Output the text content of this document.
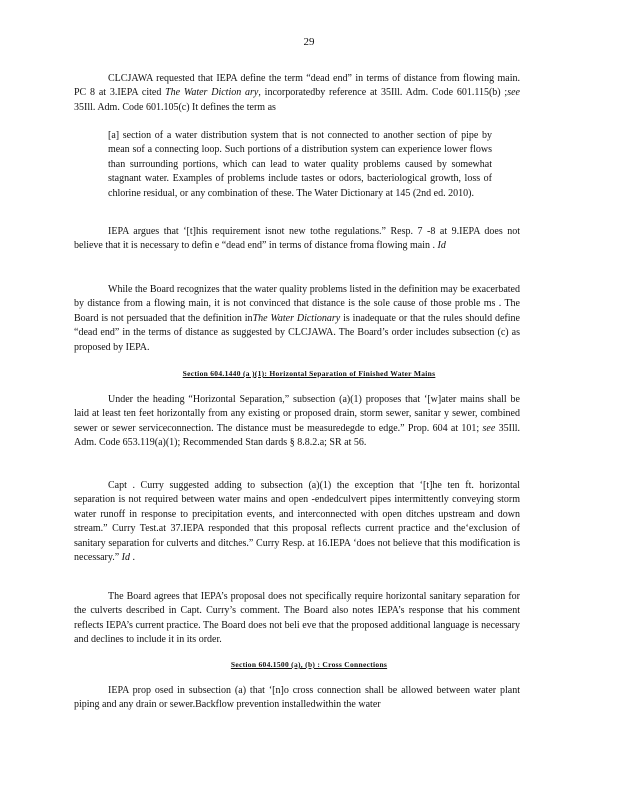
29

CLCJAWA requested that IEPA define the term “dead end” in terms of distance from flowing main. PC 8 at 3.IEPA cited The Water Diction ary, incorporatedby reference at 35Ill. Adm. Code 601.115(b) ;see 35Ill. Adm. Code 601.105(c) It defines the term as

[a] section of a water distribution system that is not connected to another section of pipe by mean sof a connecting loop. Such portions of a distribution system can experience lower flows than surrounding portions, which can lead to water quality problems caused by somewhat stagnant water. Examples of problems include tastes or odors, bacteriological growth, loss of chlorine residual, or any combination of these. The Water Dictionary at 145 (2nd ed. 2010).

IEPA argues that ‘[t]his requirement isnot new tothe regulations.” Resp. 7 -8 at 9.IEPA does not believe that it is necessary to defin e “dead end” in terms of distance froma flowing main . Id

While the Board recognizes that the water quality problems listed in the definition may be exacerbated by distance from a flowing main, it is not convinced that distance is the sole cause of those proble ms . The Board is not persuaded that the definition inThe Water Dictionary is inadequate or that the rules should define “dead end” in the terms of distance as suggested by CLCJAWA. The Board’s order includes subsection (c) as proposed by IEPA.

Section 604.1440 (a )(1): Horizontal Separation of Finished Water Mains

Under the heading “Horizontal Separation,” subsection (a)(1) proposes that ‘[w]ater mains shall be laid at least ten feet horizontally from any existing or proposed drain, storm sewer, sanitar y sewer, combined sewer or sewer serviceconnection. The distance must be measuredegde to edge.” Prop. 604 at 101; see 35Ill. Adm. Code 653.119(a)(1); Recommended Stan dards § 8.8.2.a; SR at 56.

Capt . Curry suggested adding to subsection (a)(1) the exception that ‘[t]he ten ft. horizontal separation is not required between water mains and open -endedculvert pipes intermittently conveying storm water runoff in response to precipitation events, and interconnected with open ditches upstream and down stream.” Curry Test.at 37.IEPA responded that this proposal reflects current practice and the‘exclusion of sanitary separation for culverts and ditches.” Curry Resp. at 16.IEPA ‘does not believe that this modification is necessary.” Id .

The Board agrees that IEPA’s proposal does not specifically require horizontal sanitary separation for the culverts described in Capt. Curry’s comment. The Board also notes IEPA’s response that his comment reflects IEPA’s current practice. The Board does not beli eve that the proposed additional language is necessary and declines to include it in its order.

Section 604.1500 (a), (b) : Cross Connections

IEPA prop osed in subsection (a) that ‘[n]o cross connection shall be allowed between water plant piping and any drain or sewer.Backflow prevention installedwithin the water
